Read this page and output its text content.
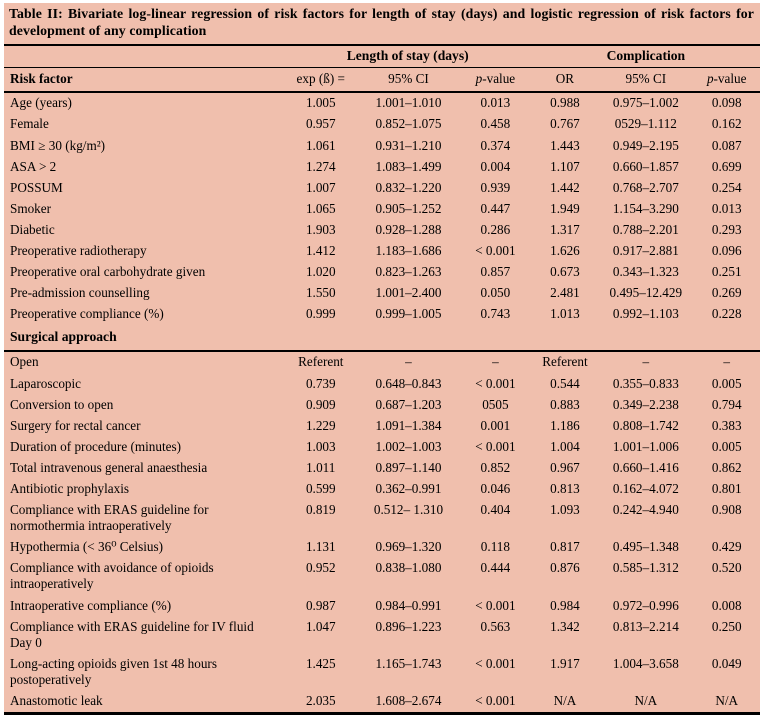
Table II: Bivariate log-linear regression of risk factors for length of stay (days) and logistic regression of risk factors for development of any complication
	Length of stay (days)			Complication		
Risk factor	exp (ß) =	95% CI	p-value	OR	95% CI	p-value
Age (years)	1.005	1.001–1.010	0.013	0.988	0.975–1.002	0.098
Female	0.957	0.852–1.075	0.458	0.767	0529–1.112	0.162
BMI ≥ 30 (kg/m²)	1.061	0.931–1.210	0.374	1.443	0.949–2.195	0.087
ASA > 2	1.274	1.083–1.499	0.004	1.107	0.660–1.857	0.699
POSSUM	1.007	0.832–1.220	0.939	1.442	0.768–2.707	0.254
Smoker	1.065	0.905–1.252	0.447	1.949	1.154–3.290	0.013
Diabetic	1.903	0.928–1.288	0.286	1.317	0.788–2.201	0.293
Preoperative radiotherapy	1.412	1.183–1.686	< 0.001	1.626	0.917–2.881	0.096
Preoperative oral carbohydrate given	1.020	0.823–1.263	0.857	0.673	0.343–1.323	0.251
Pre-admission counselling	1.550	1.001–2.400	0.050	2.481	0.495–12.429	0.269
Preoperative compliance (%)	0.999	0.999–1.005	0.743	1.013	0.992–1.103	0.228
Surgical approach						
Open	Referent	–	–	Referent	–	–
Laparoscopic	0.739	0.648–0.843	< 0.001	0.544	0.355–0.833	0.005
Conversion to open	0.909	0.687–1.203	0505	0.883	0.349–2.238	0.794
Surgery for rectal cancer	1.229	1.091–1.384	0.001	1.186	0.808–1.742	0.383
Duration of procedure (minutes)	1.003	1.002–1.003	< 0.001	1.004	1.001–1.006	0.005
Total intravenous general anaesthesia	1.011	0.897–1.140	0.852	0.967	0.660–1.416	0.862
Antibiotic prophylaxis	0.599	0.362–0.991	0.046	0.813	0.162–4.072	0.801
Compliance with ERAS guideline for normothermia intraoperatively	0.819	0.512– 1.310	0.404	1.093	0.242–4.940	0.908
Hypothermia (< 36⁰ Celsius)	1.131	0.969–1.320	0.118	0.817	0.495–1.348	0.429
Compliance with avoidance of opioids intraoperatively	0.952	0.838–1.080	0.444	0.876	0.585–1.312	0.520
Intraoperative compliance (%)	0.987	0.984–0.991	< 0.001	0.984	0.972–0.996	0.008
Compliance with ERAS guideline for IV fluid Day 0	1.047	0.896–1.223	0.563	1.342	0.813–2.214	0.250
Long-acting opioids given 1st 48 hours postoperatively	1.425	1.165–1.743	< 0.001	1.917	1.004–3.658	0.049
Anastomotic leak	2.035	1.608–2.674	< 0.001	N/A	N/A	N/A
